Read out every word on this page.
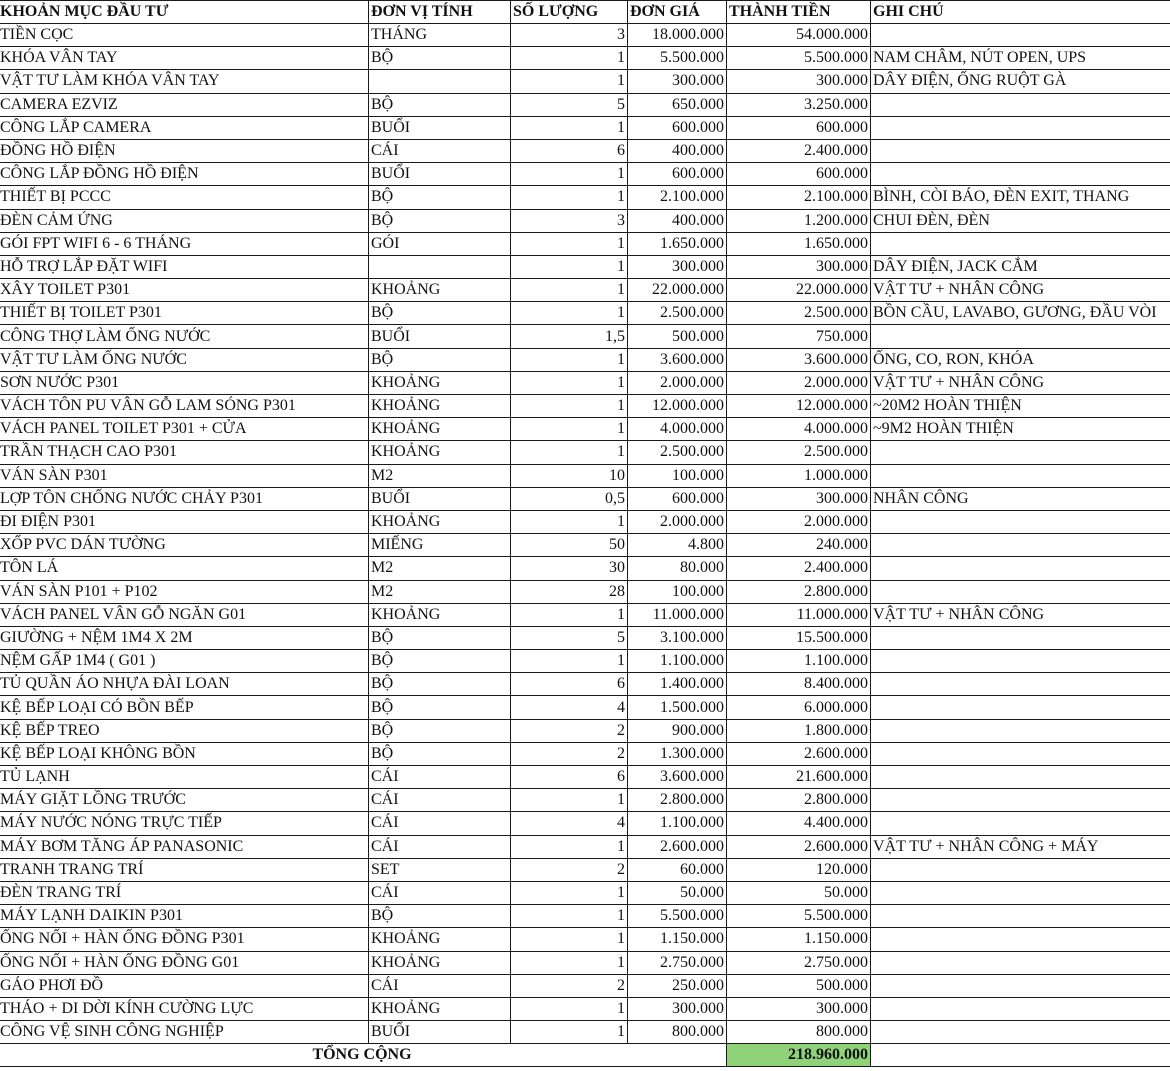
KHOẢN MỤC ĐẦU TƯ	ĐƠN VỊ TÍNH	SỐ LƯỢNG	ĐƠN GIÁ	THÀNH TIỀN	GHI CHÚ
TIỀN CỌC	THÁNG	3	18.000.000	54.000.000	
KHÓA VÂN TAY	BỘ	1	5.500.000	5.500.000	NAM CHÂM, NÚT OPEN, UPS
VẬT TƯ LÀM KHÓA VÂN TAY		1	300.000	300.000	DÂY ĐIỆN, ỐNG RUỘT GÀ
CAMERA EZVIZ	BỘ	5	650.000	3.250.000	
CÔNG LẮP CAMERA	BUỔI	1	600.000	600.000	
ĐỒNG HỒ ĐIỆN	CÁI	6	400.000	2.400.000	
CÔNG LẮP ĐỒNG HỒ ĐIỆN	BUỔI	1	600.000	600.000	
THIẾT BỊ PCCC	BỘ	1	2.100.000	2.100.000	BÌNH, CÒI BÁO, ĐÈN EXIT, THANG
ĐÈN CẢM ỨNG	BỘ	3	400.000	1.200.000	CHUI ĐÈN, ĐÈN
GÓI FPT WIFI 6 - 6 THÁNG	GÓI	1	1.650.000	1.650.000	
HỖ TRỢ LẮP ĐẶT WIFI		1	300.000	300.000	DÂY ĐIỆN, JACK CẮM
XÂY TOILET P301	KHOẢNG	1	22.000.000	22.000.000	VẬT TƯ + NHÂN CÔNG
THIẾT BỊ TOILET P301	BỘ	1	2.500.000	2.500.000	BỒN CẦU, LAVABO, GƯƠNG, ĐẦU VÒI
CÔNG THỢ LÀM ỐNG NƯỚC	BUỔI	1,5	500.000	750.000	
VẬT TƯ LÀM ỐNG NƯỚC	BỘ	1	3.600.000	3.600.000	ỐNG, CO, RON, KHÓA
SƠN NƯỚC P301	KHOẢNG	1	2.000.000	2.000.000	VẬT TƯ + NHÂN CÔNG
VÁCH TÔN PU VÂN GỖ LAM SÓNG P301	KHOẢNG	1	12.000.000	12.000.000	~20M2 HOÀN THIỆN
VÁCH PANEL TOILET P301 + CỬA	KHOẢNG	1	4.000.000	4.000.000	~9M2 HOÀN THIỆN
TRẦN THẠCH CAO P301	KHOẢNG	1	2.500.000	2.500.000	
VÁN SÀN P301	M2	10	100.000	1.000.000	
LỢP TÔN CHỐNG NƯỚC CHẢY P301	BUỔI	0,5	600.000	300.000	NHÂN CÔNG
ĐI ĐIỆN P301	KHOẢNG	1	2.000.000	2.000.000	
XỐP PVC DÁN TƯỜNG	MIẾNG	50	4.800	240.000	
TÔN LÁ	M2	30	80.000	2.400.000	
VÁN SÀN P101 + P102	M2	28	100.000	2.800.000	
VÁCH PANEL VÂN GỖ NGĂN G01	KHOẢNG	1	11.000.000	11.000.000	VẬT TƯ + NHÂN CÔNG
GIƯỜNG + NỆM 1M4 X 2M	BỘ	5	3.100.000	15.500.000	
NỆM GẤP 1M4 ( G01 )	BỘ	1	1.100.000	1.100.000	
TỦ QUẦN ÁO NHỰA ĐÀI LOAN	BỘ	6	1.400.000	8.400.000	
KỆ BẾP LOẠI CÓ BỒN BẾP	BỘ	4	1.500.000	6.000.000	
KỆ BẾP TREO	BỘ	2	900.000	1.800.000	
KỆ BẾP LOẠI KHÔNG BỒN	BỘ	2	1.300.000	2.600.000	
TỦ LẠNH	CÁI	6	3.600.000	21.600.000	
MÁY GIẶT LỒNG TRƯỚC	CÁI	1	2.800.000	2.800.000	
MÁY NƯỚC NÓNG TRỰC TIẾP	CÁI	4	1.100.000	4.400.000	
MÁY BƠM TĂNG ÁP PANASONIC	CÁI	1	2.600.000	2.600.000	VẬT TƯ + NHÂN CÔNG + MÁY
TRANH TRANG TRÍ	SET	2	60.000	120.000	
ĐÈN TRANG TRÍ	CÁI	1	50.000	50.000	
MÁY LẠNH DAIKIN P301	BỘ	1	5.500.000	5.500.000	
ỐNG NỐI + HÀN ỐNG ĐỒNG P301	KHOẢNG	1	1.150.000	1.150.000	
ỐNG NỐI + HÀN ỐNG ĐỒNG G01	KHOẢNG	1	2.750.000	2.750.000	
GÁO PHƠI ĐỒ	CÁI	2	250.000	500.000	
THÁO + DI DỜI KÍNH CƯỜNG LỰC	KHOẢNG	1	300.000	300.000	
CÔNG VỆ SINH CÔNG NGHIỆP	BUỔI	1	800.000	800.000	
TỔNG CỘNG				218.960.000	
